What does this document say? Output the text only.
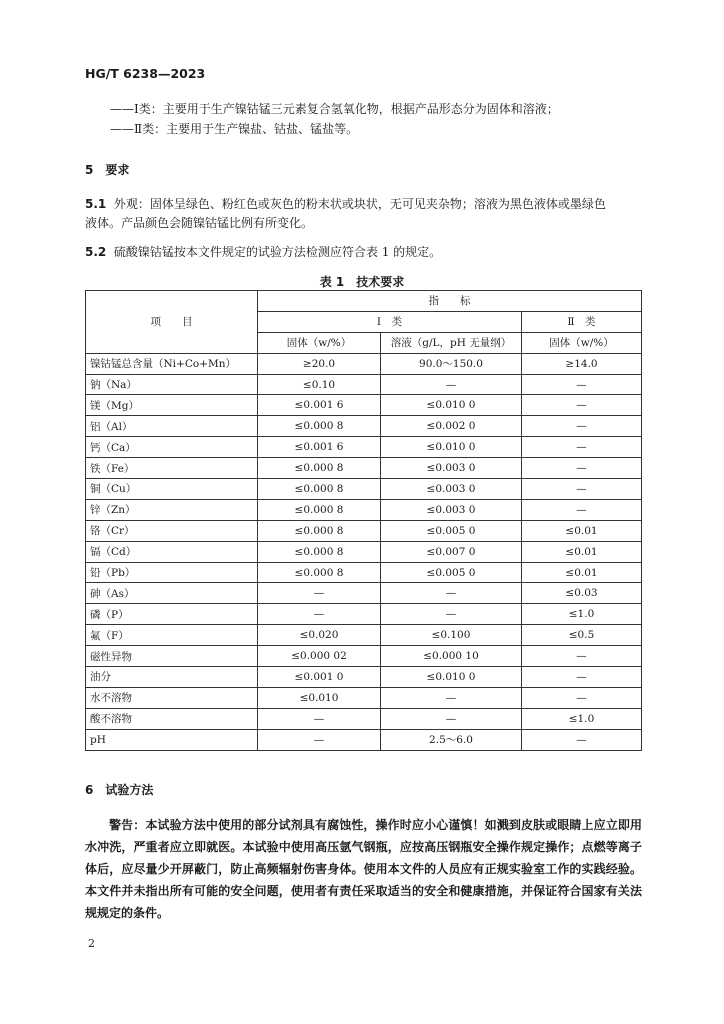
HG/T 6238—2023
——Ⅰ类：主要用于生产镍钴锰三元素复合氢氧化物，根据产品形态分为固体和溶液；
——Ⅱ类：主要用于生产镍盐、钴盐、锰盐等。
5　要求
5.1 外观：固体呈绿色、粉红色或灰色的粉末状或块状，无可见夹杂物；溶液为黑色液体或墨绿色
液体。产品颜色会随镍钴锰比例有所变化。
5.2 硫酸镍钴锰按本文件规定的试验方法检测应符合表 1 的规定。
表 1　技术要求
项　　目	指　　标		
	Ⅰ　类		Ⅱ　类
	固体（w/%）	溶液（g/L，pH 无量纲）	固体（w/%）
镍钴锰总含量（Ni+Co+Mn）	≥20.0	90.0～150.0	≥14.0
钠（Na）	≤0.10	—	—
镁（Mg）	≤0.001 6	≤0.010 0	—
铝（Al）	≤0.000 8	≤0.002 0	—
钙（Ca）	≤0.001 6	≤0.010 0	—
铁（Fe）	≤0.000 8	≤0.003 0	—
铜（Cu）	≤0.000 8	≤0.003 0	—
锌（Zn）	≤0.000 8	≤0.003 0	—
铬（Cr）	≤0.000 8	≤0.005 0	≤0.01
镉（Cd）	≤0.000 8	≤0.007 0	≤0.01
铅（Pb）	≤0.000 8	≤0.005 0	≤0.01
砷（As）	—	—	≤0.03
磷（P）	—	—	≤1.0
氟（F）	≤0.020	≤0.100	≤0.5
磁性异物	≤0.000 02	≤0.000 10	—
油分	≤0.001 0	≤0.010 0	—
水不溶物	≤0.010	—	—
酸不溶物	—	—	≤1.0
pH	—	2.5～6.0	—
6　试验方法
警告：本试验方法中使用的部分试剂具有腐蚀性，操作时应小心谨慎！如溅到皮肤或眼睛上应立即用水冲洗，严重者应立即就医。本试验中使用高压氩气钢瓶，应按高压钢瓶安全操作规定操作；点燃等离子体后，应尽量少开屏蔽门，防止高频辐射伤害身体。使用本文件的人员应有正规实验室工作的实践经验。本文件并未指出所有可能的安全问题，使用者有责任采取适当的安全和健康措施，并保证符合国家有关法规规定的条件。
2
